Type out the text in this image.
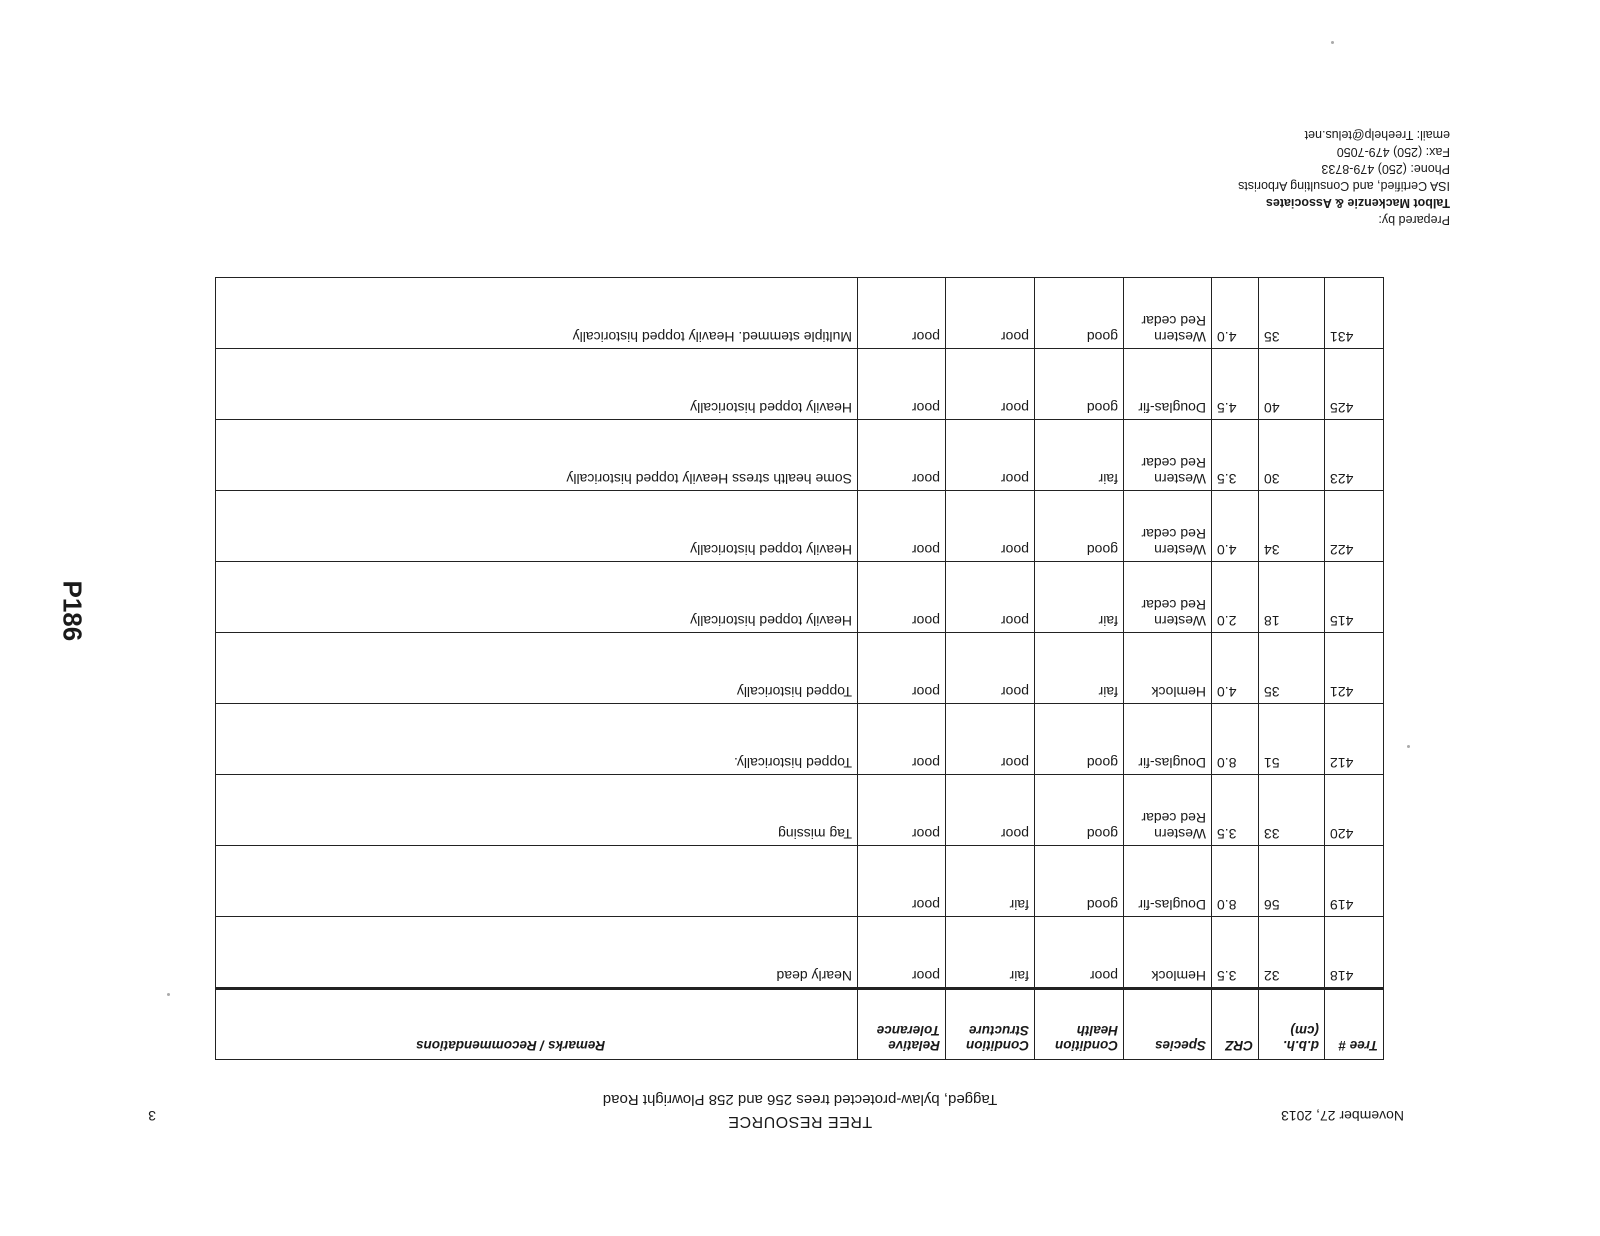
P186
November 27, 2013
TREE RESOURCE
Tagged, bylaw-protected trees 256 and 258 Plowright Road
3
Tree #	d.b.h. (cm)	CRZ	Species	Condition Health	Condition Structure	Relative Tolerance	Remarks / Recommendations
418	32	3.5	Hemlock	poor	fair	poor	Nearly dead
419	56	8.0	Douglas-fir	good	fair	poor	
420	33	3.5	Western Red cedar	good	poor	poor	Tag missing
412	51	8.0	Douglas-fir	good	poor	poor	Topped historically.
421	35	4.0	Hemlock	fair	poor	poor	Topped historically
415	18	2.0	Western Red cedar	fair	poor	poor	Heavily topped historically
422	34	4.0	Western Red cedar	good	poor	poor	Heavily topped historically
423	30	3.5	Western Red cedar	fair	poor	poor	Some health stress Heavily topped historically
425	40	4.5	Douglas-fir	good	poor	poor	Heavily topped historically
431	35	4.0	Western Red cedar	good	poor	poor	Multiple stemmed. Heavily topped historically
Prepared by:
Talbot Mackenzie & Associates
ISA Certified, and Consulting Arborists
Phone: (250) 479-8733
Fax: (250) 479-7050
email: Treehelp@telus.net
